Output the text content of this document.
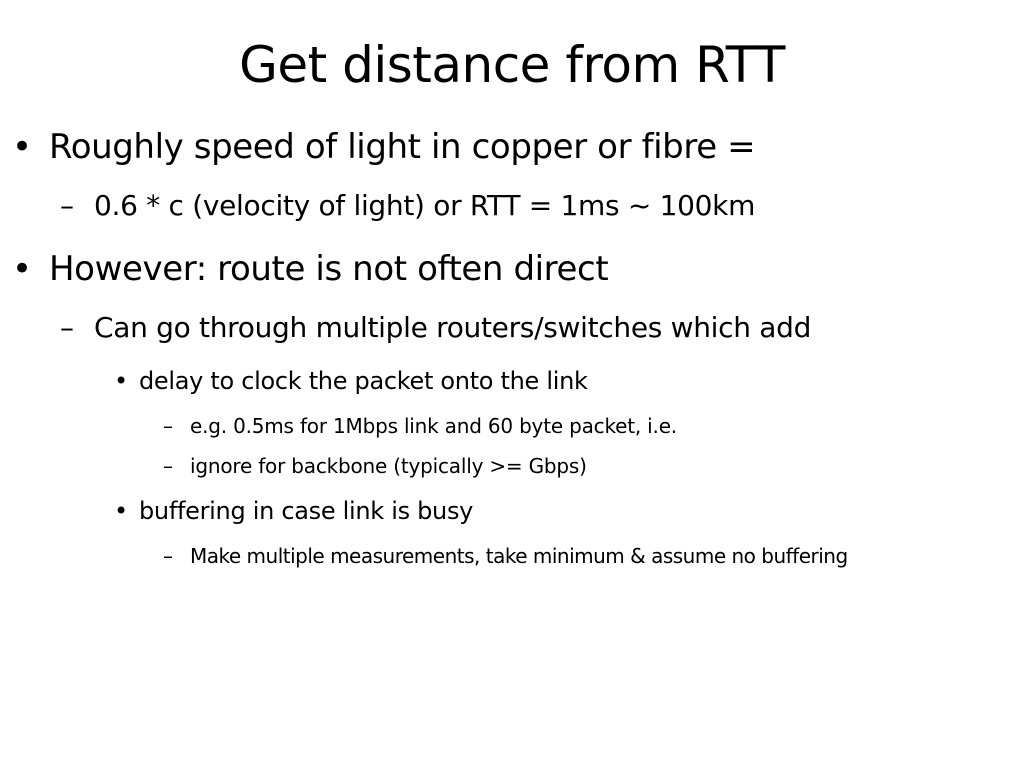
Get distance from RTT
• Roughly speed of light in copper or fibre =
– 0.6 * c (velocity of light) or RTT = 1ms ~ 100km
• However: route is not often direct
– Can go through multiple routers/switches which add
• delay to clock the packet onto the link
– e.g. 0.5ms for 1Mbps link and 60 byte packet, i.e.
– ignore for backbone (typically >= Gbps)
• buffering in case link is busy
– Make multiple measurements, take minimum & assume no buffering
